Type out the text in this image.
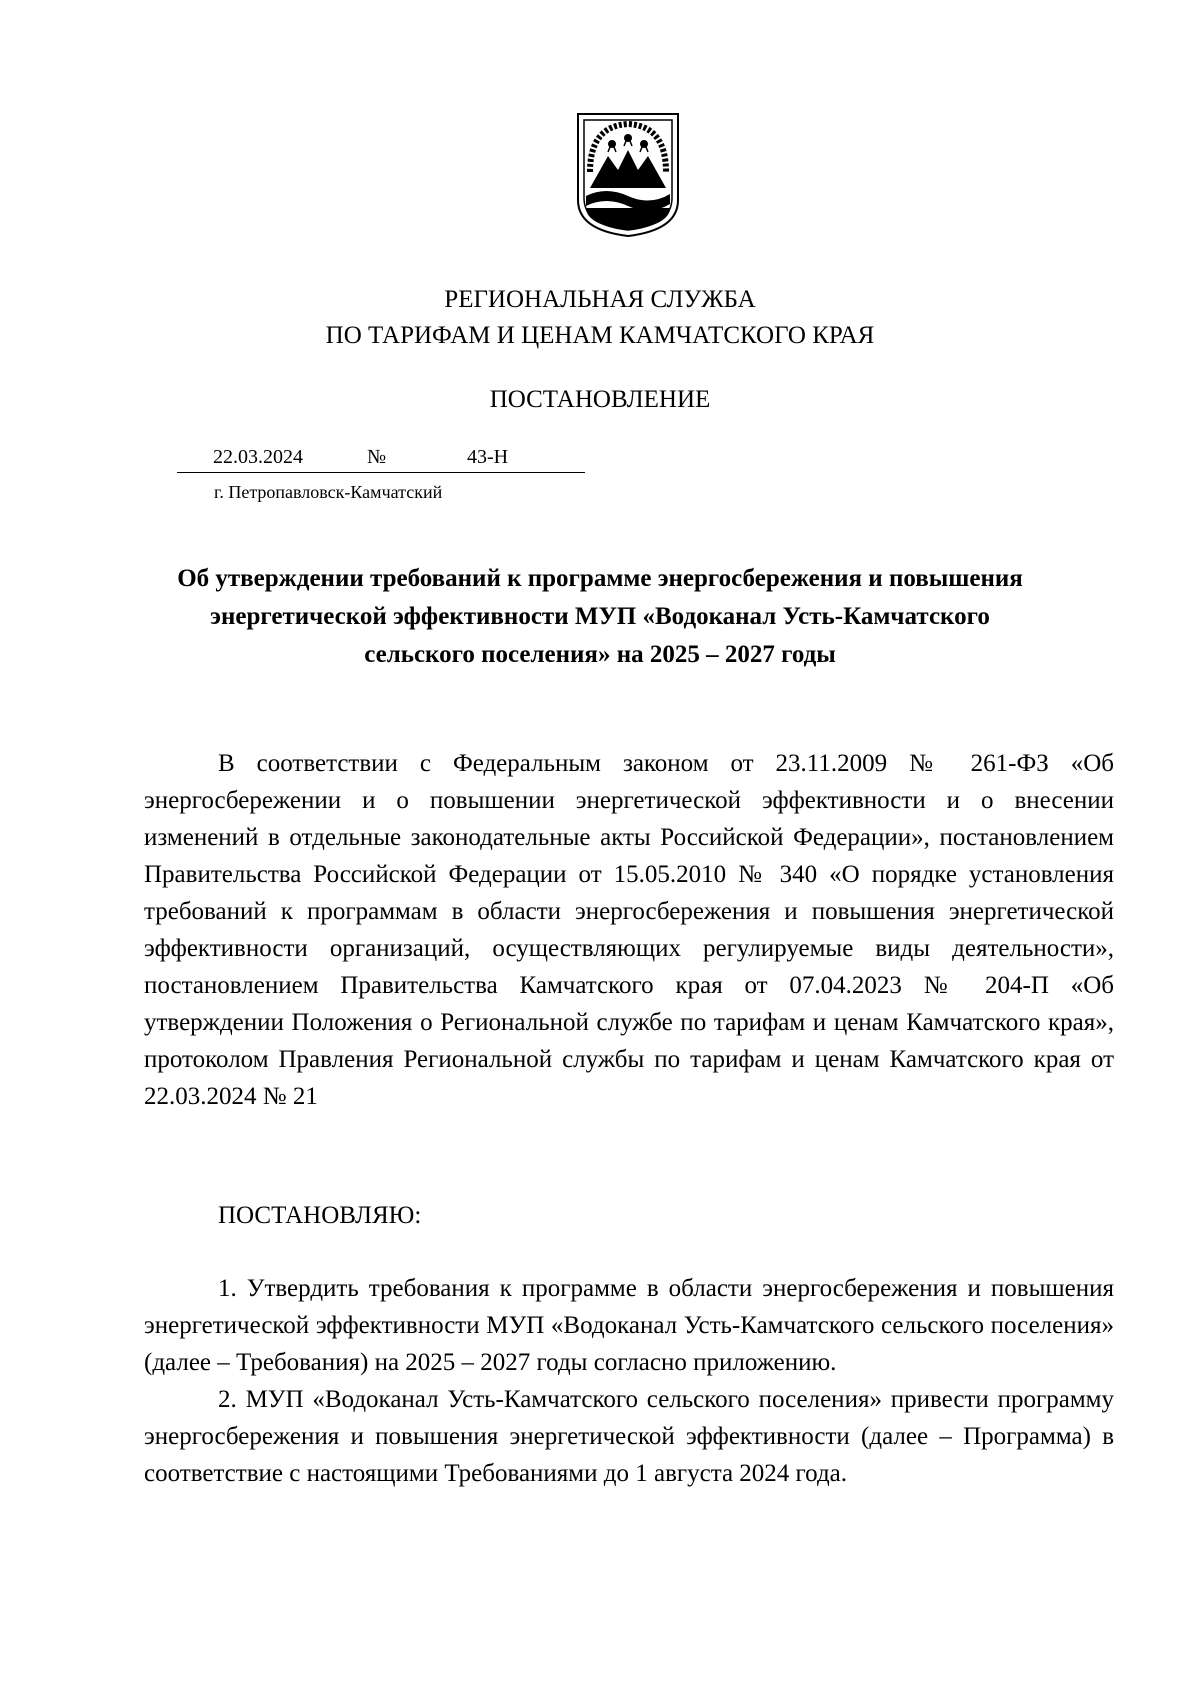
РЕГИОНАЛЬНАЯ СЛУЖБА
ПО ТАРИФАМ И ЦЕНАМ КАМЧАТСКОГО КРАЯ
ПОСТАНОВЛЕНИЕ
22.03.2024	№	43-Н
г. Петропавловск-Камчатский
Об утверждении требований к программе энергосбережения и повышения
энергетической эффективности МУП «Водоканал Усть-Камчатского
сельского поселения» на 2025 – 2027 годы

В соответствии с Федеральным законом от 23.11.2009 № 261-ФЗ «Об энергосбережении и о повышении энергетической эффективности и о внесении изменений в отдельные законодательные акты Российской Федерации», постановлением Правительства Российской Федерации от 15.05.2010 № 340 «О порядке установления требований к программам в области энергосбережения и повышения энергетической эффективности организаций, осуществляющих регулируемые виды деятельности», постановлением Правительства Камчатского края от 07.04.2023 № 204-П «Об утверждении Положения о Региональной службе по тарифам и ценам Камчатского края», протоколом Правления Региональной службы по тарифам и ценам Камчатского края от 22.03.2024 № 21

ПОСТАНОВЛЯЮ:

1. Утвердить требования к программе в области энергосбережения и повышения энергетической эффективности МУП «Водоканал Усть-Камчатского сельского поселения» (далее – Требования) на 2025 – 2027 годы согласно приложению.

2. МУП «Водоканал Усть-Камчатского сельского поселения» привести программу энергосбережения и повышения энергетической эффективности (далее – Программа) в соответствие с настоящими Требованиями до 1 августа 2024 года.
